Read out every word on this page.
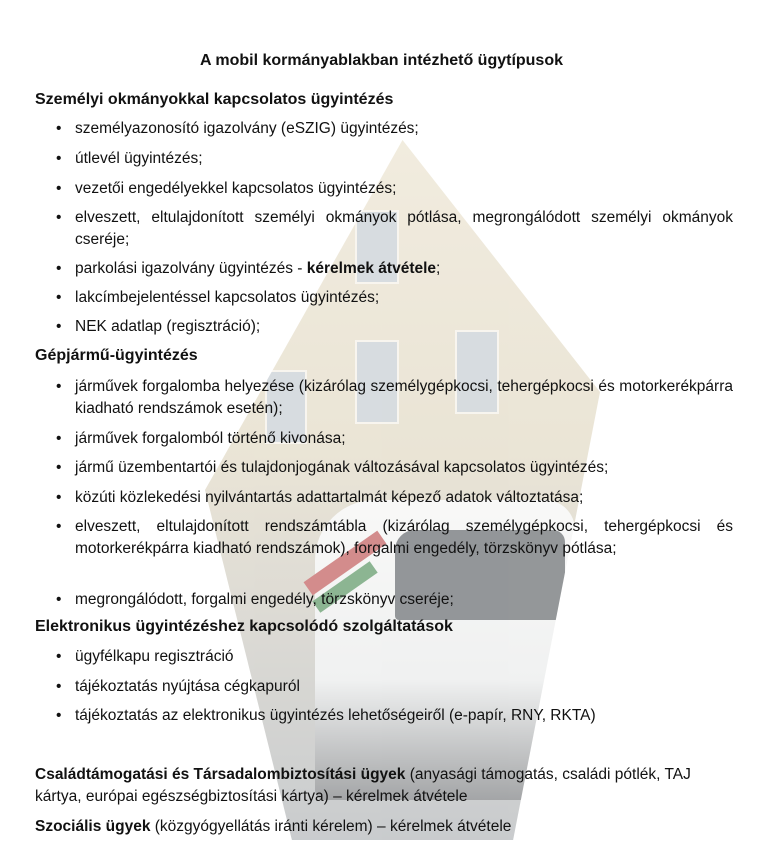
A mobil kormányablakban intézhető ügytípusok
Személyi okmányokkal kapcsolatos ügyintézés
• személyazonosító igazolvány (eSZIG) ügyintézés;
• útlevél ügyintézés;
• vezetői engedélyekkel kapcsolatos ügyintézés;
• elveszett, eltulajdonított személyi okmányok pótlása, megrongálódott személyi okmányok cseréje;
• parkolási igazolvány ügyintézés - kérelmek átvétele;
• lakcímbejelentéssel kapcsolatos ügyintézés;
• NEK adatlap (regisztráció);
Gépjármű-ügyintézés
• járművek forgalomba helyezése (kizárólag személygépkocsi, tehergépkocsi és motorkerékpárra kiadható rendszámok esetén);
• járművek forgalomból történő kivonása;
• jármű üzembentartói és tulajdonjogának változásával kapcsolatos ügyintézés;
• közúti közlekedési nyilvántartás adattartalmát képező adatok változtatása;
• elveszett, eltulajdonított rendszámtábla (kizárólag személygépkocsi, tehergépkocsi és motorkerékpárra kiadható rendszámok), forgalmi engedély, törzskönyv pótlása;
• megrongálódott, forgalmi engedély, törzskönyv cseréje;
Elektronikus ügyintézéshez kapcsolódó szolgáltatások
• ügyfélkapu regisztráció
• tájékoztatás nyújtása cégkapuról
• tájékoztatás az elektronikus ügyintézés lehetőségeiről (e-papír, RNY, RKTA)
Családtámogatási és Társadalombiztosítási ügyek (anyasági támogatás, családi pótlék, TAJ kártya, európai egészségbiztosítási kártya) – kérelmek átvétele
Szociális ügyek (közgyógyellátás iránti kérelem) – kérelmek átvétele
